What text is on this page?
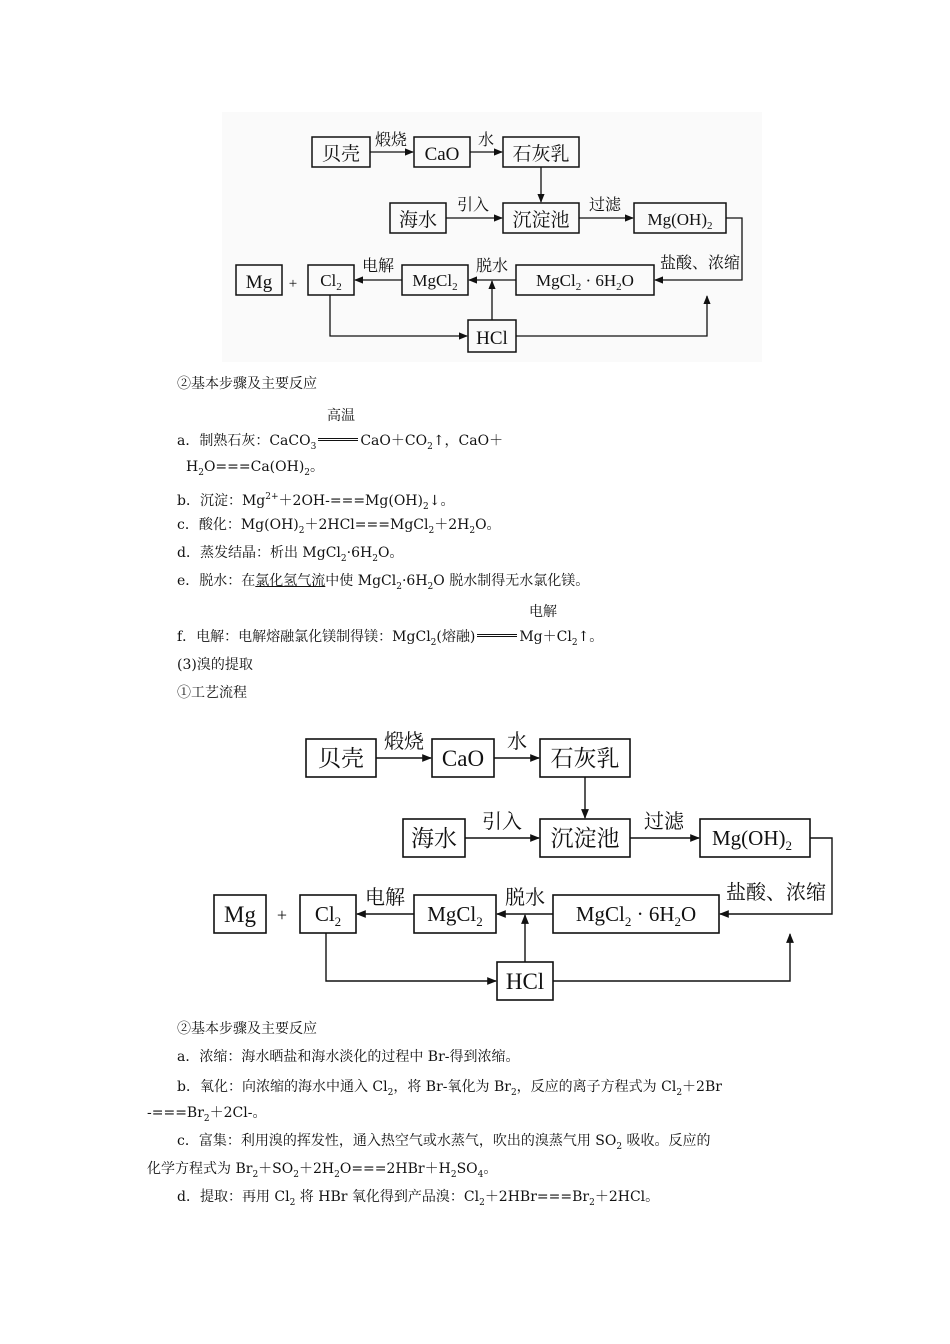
贝壳	CaO	石灰乳
海水	沉淀池
Mg +
HCl
$Mg(OH)_2$
$Cl_2$	MgCl$_2$	MgCl$_2$ · $6H_2O$
煅烧	水
引入	过滤
盐酸、浓缩
脱水
电解
②基本步骤及主要反应
高温
a．制熟石灰：CaCO$_3$	$CaO+CO_2↑$，CaO＋
$H_2O===Ca(OH)_2$。
b．沉淀：$Mg^{2+}+2OH-===Mg(OH)_2↓$。
c．酸化：$Mg(OH)_2+2HCl===MgCl_2+2H_2O$。
d．蒸发结晶：析出 $MgCl_2\cdot 6H_2O$。
e．脱水：在氯化氢气流中使 $MgCl_2\cdot 6H_2O$ 脱水制得无水氯化镁。
电解
f．电解：电解熔融氯化镁制得镁：MgCl$_2$(熔融)	$Mg+Cl_2↑$。
(3)溴的提取
①工艺流程
贝壳	CaO	石灰乳
海水	沉淀池
Mg +
HCl
$Mg(OH)_2$
$Cl_2$	MgCl$_2$	MgCl$_2$ · $6H_2O$
煅烧	水
引入	过滤
盐酸、浓缩
脱水
电解
②基本步骤及主要反应
a．浓缩：海水晒盐和海水淡化的过程中 Br-得到浓缩。
b．氧化：向浓缩的海水中通入 $Cl_2$，将 Br-氧化为 $Br_2$，反应的离子方程式为 $Cl_2+2Br$
$-===Br_2+2Cl-$。
c．富集：利用溴的挥发性，通入热空气或水蒸气，吹出的溴蒸气用 $SO_2$ 吸收。反应的
化学方程式为 $Br_2+SO_2+2H_2O===2HBr+H_2SO_4$。
d．提取：再用 $Cl_2$ 将 HBr 氧化得到产品溴：$Cl_2+2HBr===Br_2+2HCl$。
